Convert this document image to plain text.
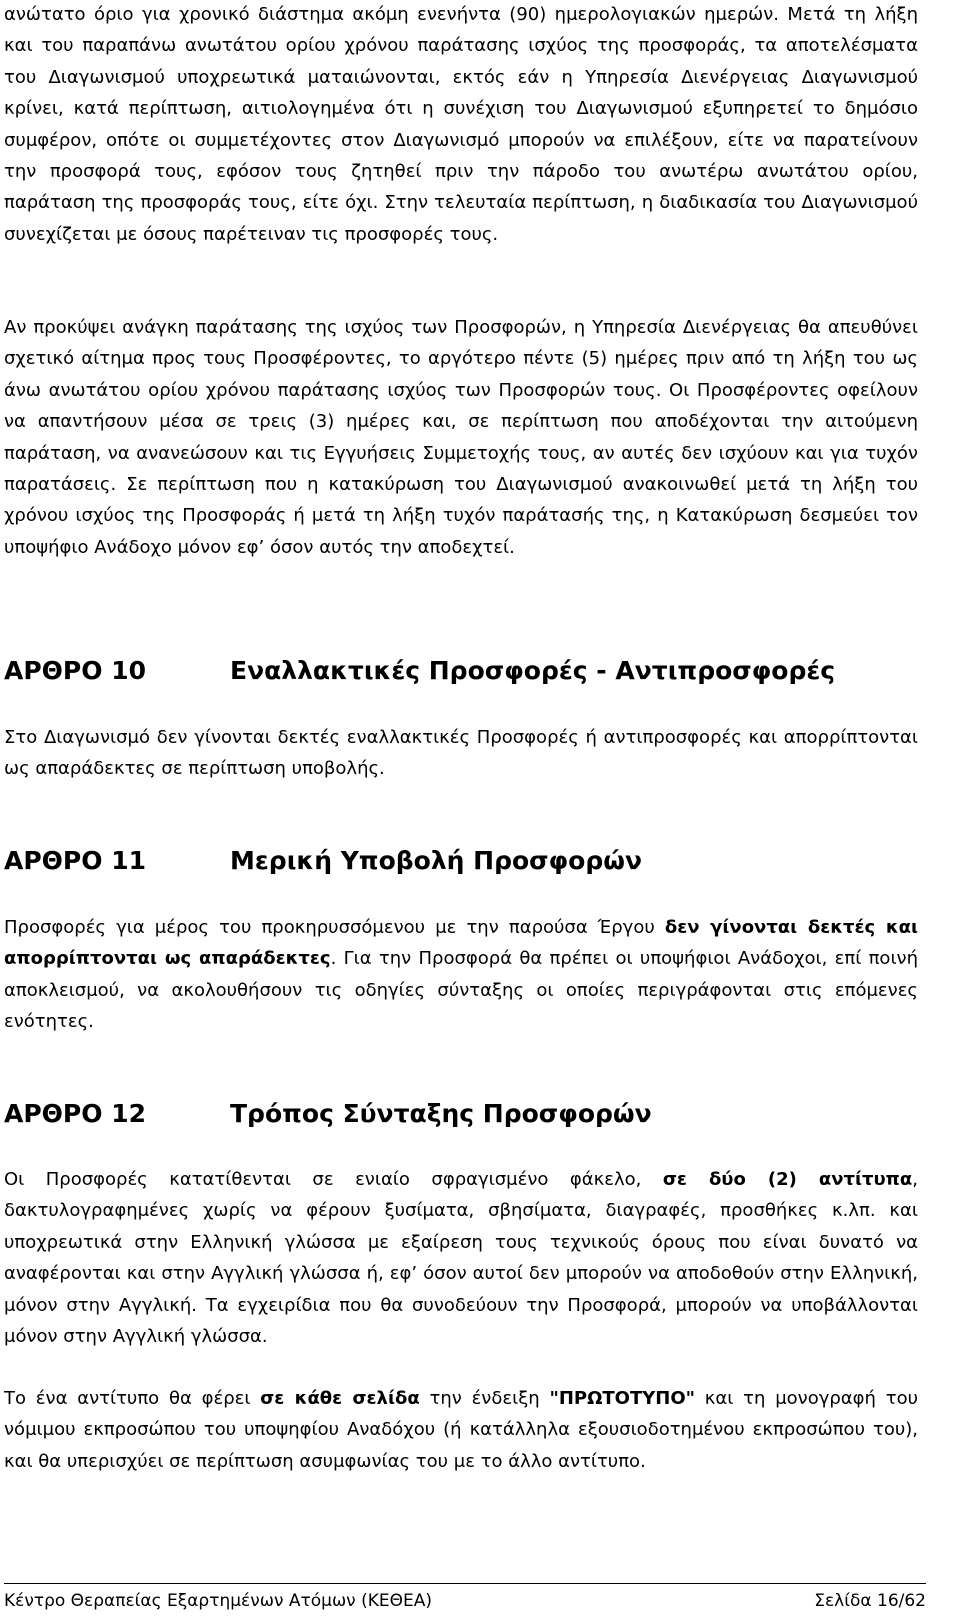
ανώτατο όριο για χρονικό διάστημα ακόμη ενενήντα (90) ημερολογιακών ημερών. Μετά τη λήξη και του παραπάνω ανωτάτου ορίου χρόνου παράτασης ισχύος της προσφοράς, τα αποτελέσματα του Διαγωνισμού υποχρεωτικά ματαιώνονται, εκτός εάν η Υπηρεσία Διενέργειας Διαγωνισμού κρίνει, κατά περίπτωση, αιτιολογημένα ότι η συνέχιση του Διαγωνισμού εξυπηρετεί το δημόσιο συμφέρον, οπότε οι συμμετέχοντες στον Διαγωνισμό μπορούν να επιλέξουν, είτε να παρατείνουν την προσφορά τους, εφόσον τους ζητηθεί πριν την πάροδο του ανωτέρω ανωτάτου ορίου, παράταση της προσφοράς τους, είτε όχι. Στην τελευταία περίπτωση, η διαδικασία του Διαγωνισμού συνεχίζεται με όσους παρέτειναν τις προσφορές τους.

Αν προκύψει ανάγκη παράτασης της ισχύος των Προσφορών, η Υπηρεσία Διενέργειας θα απευθύνει σχετικό αίτημα προς τους Προσφέροντες, το αργότερο πέντε (5) ημέρες πριν από τη λήξη του ως άνω ανωτάτου ορίου χρόνου παράτασης ισχύος των Προσφορών τους. Οι Προσφέροντες οφείλουν να απαντήσουν μέσα σε τρεις (3) ημέρες και, σε περίπτωση που αποδέχονται την αιτούμενη παράταση, να ανανεώσουν και τις Εγγυήσεις Συμμετοχής τους, αν αυτές δεν ισχύουν και για τυχόν παρατάσεις. Σε περίπτωση που η κατακύρωση του Διαγωνισμού ανακοινωθεί μετά τη λήξη του χρόνου ισχύος της Προσφοράς ή μετά τη λήξη τυχόν παράτασής της, η Κατακύρωση δεσμεύει τον υποψήφιο Ανάδοχο μόνον εφ’ όσον αυτός την αποδεχτεί.

ΑΡΘΡΟ 10	Εναλλακτικές Προσφορές - Αντιπροσφορές

Στο Διαγωνισμό δεν γίνονται δεκτές εναλλακτικές Προσφορές ή αντιπροσφορές και απορρίπτονται ως απαράδεκτες σε περίπτωση υποβολής.

ΑΡΘΡΟ 11	Μερική Υποβολή Προσφορών

Προσφορές για μέρος του προκηρυσσόμενου με την παρούσα Έργου δεν γίνονται δεκτές και απορρίπτονται ως απαράδεκτες. Για την Προσφορά θα πρέπει οι υποψήφιοι Ανάδοχοι, επί ποινή αποκλεισμού, να ακολουθήσουν τις οδηγίες σύνταξης οι οποίες περιγράφονται στις επόμενες ενότητες.

ΑΡΘΡΟ 12	Τρόπος Σύνταξης Προσφορών

Οι Προσφορές κατατίθενται σε ενιαίο σφραγισμένο φάκελο, σε δύο (2) αντίτυπα, δακτυλογραφημένες χωρίς να φέρουν ξυσίματα, σβησίματα, διαγραφές, προσθήκες κ.λπ. και υποχρεωτικά στην Ελληνική γλώσσα με εξαίρεση τους τεχνικούς όρους που είναι δυνατό να αναφέρονται και στην Αγγλική γλώσσα ή, εφ’ όσον αυτοί δεν μπορούν να αποδοθούν στην Ελληνική, μόνον στην Αγγλική. Τα εγχειρίδια που θα συνοδεύουν την Προσφορά, μπορούν να υποβάλλονται μόνον στην Αγγλική γλώσσα.

Το ένα αντίτυπο θα φέρει σε κάθε σελίδα την ένδειξη "ΠΡΩΤΟΤΥΠΟ" και τη μονογραφή του νόμιμου εκπροσώπου του υποψηφίου Αναδόχου (ή κατάλληλα εξουσιοδοτημένου εκπροσώπου του), και θα υπερισχύει σε περίπτωση ασυμφωνίας του με το άλλο αντίτυπο.

Κέντρο Θεραπείας Εξαρτημένων Ατόμων (ΚΕΘΕΑ)	Σελίδα 16/62
